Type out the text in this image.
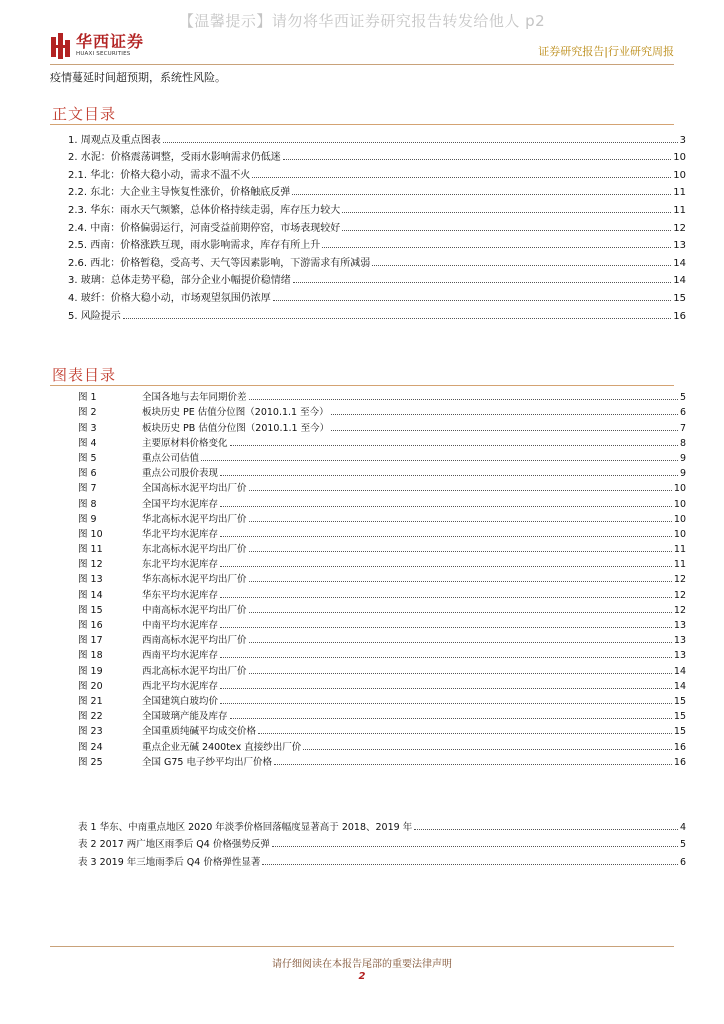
【温馨提示】请勿将华西证券研究报告转发给他人 p2
华西证券
HUAXI SECURITIES	证券研究报告|行业研究周报
疫情蔓延时间超预期，系统性风险。
正文目录
1. 周观点及重点图表	3
2. 水泥：价格震荡调整，受雨水影响需求仍低迷	10
2.1. 华北：价格大稳小动，需求不温不火	10
2.2. 东北：大企业主导恢复性涨价，价格触底反弹	11
2.3. 华东：雨水天气频繁，总体价格持续走弱，库存压力较大	11
2.4. 中南：价格偏弱运行，河南受益前期停窑，市场表现较好	12
2.5. 西南：价格涨跌互现，雨水影响需求，库存有所上升	13
2.6. 西北：价格暂稳，受高考、天气等因素影响，下游需求有所减弱	14
3. 玻璃：总体走势平稳，部分企业小幅提价稳情绪	14
4. 玻纤：价格大稳小动，市场观望氛围仍浓厚	15
5. 风险提示	16
图表目录
图 1	全国各地与去年同期价差	5
图 2	板块历史 PE 估值分位图（2010.1.1 至今）	6
图 3	板块历史 PB 估值分位图（2010.1.1 至今）	7
图 4	主要原材料价格变化	8
图 5	重点公司估值	9
图 6	重点公司股价表现	9
图 7	全国高标水泥平均出厂价	10
图 8	全国平均水泥库存	10
图 9	华北高标水泥平均出厂价	10
图 10	华北平均水泥库存	10
图 11	东北高标水泥平均出厂价	11
图 12	东北平均水泥库存	11
图 13	华东高标水泥平均出厂价	12
图 14	华东平均水泥库存	12
图 15	中南高标水泥平均出厂价	12
图 16	中南平均水泥库存	13
图 17	西南高标水泥平均出厂价	13
图 18	西南平均水泥库存	13
图 19	西北高标水泥平均出厂价	14
图 20	西北平均水泥库存	14
图 21	全国建筑白玻均价	15
图 22	全国玻璃产能及库存	15
图 23	全国重质纯碱平均成交价格	15
图 24	重点企业无碱 2400tex 直接纱出厂价	16
图 25	全国 G75 电子纱平均出厂价格	16
表 1 华东、中南重点地区 2020 年淡季价格回落幅度显著高于 2018、2019 年	4
表 2 2017 两广地区雨季后 Q4 价格强势反弹	5
表 3 2019 年三地雨季后 Q4 价格弹性显著	6
请仔细阅读在本报告尾部的重要法律声明
2
